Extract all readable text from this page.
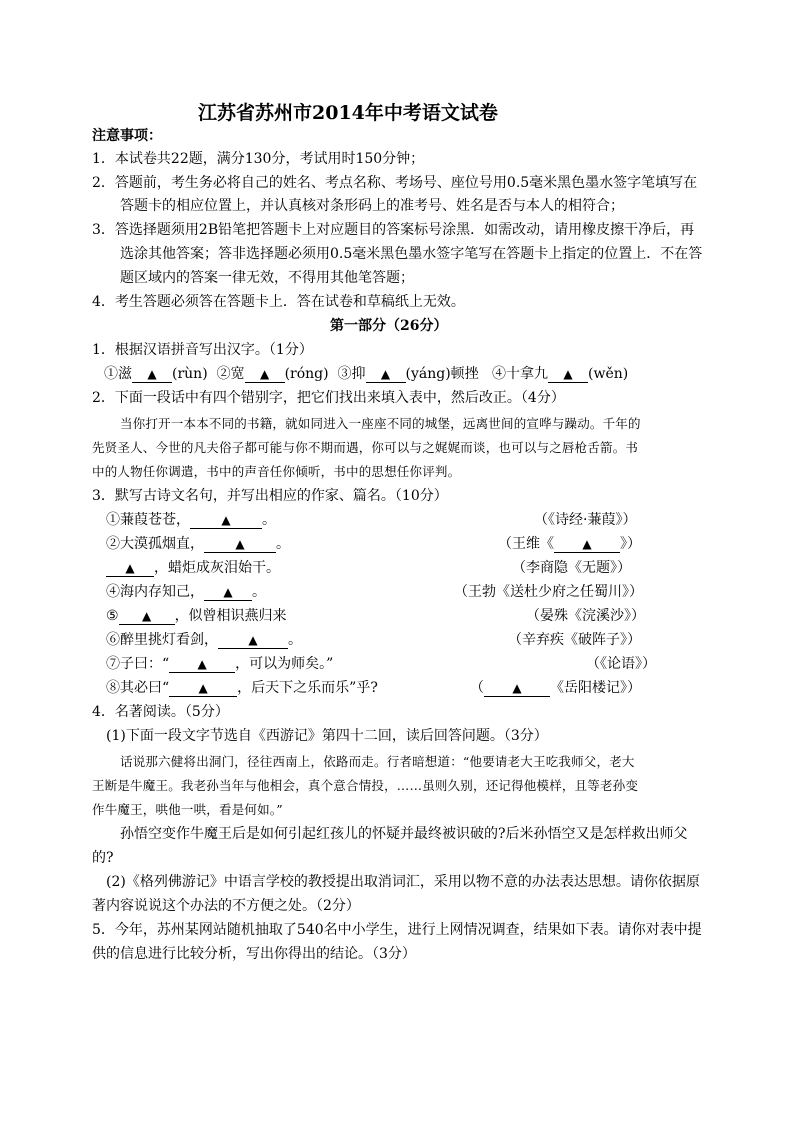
江苏省苏州市2014年中考语文试卷
注意事项：
1．本试卷共22题，满分130分，考试用时150分钟；
2．答题前，考生务必将自己的姓名、考点名称、考场号、座位号用0.5毫米黑色墨水签字笔填写在
答题卡的相应位置上，并认真核对条形码上的准考号、姓名是否与本人的相符合；
3．答选择题须用2B铅笔把答题卡上对应题目的答案标号涂黑．如需改动，请用橡皮擦干净后，再
选涂其他答案；答非选择题必须用0.5毫米黑色墨水签字笔写在答题卡上指定的位置上．不在答
题区域内的答案一律无效，不得用其他笔答题；
4．考生答题必须答在答题卡上．答在试卷和草稿纸上无效。
第一部分（26分）
1．根据汉语拼音写出汉字。（1分）
①滋 ▲ (rùn) ②宽 ▲ (róng) ③抑 ▲ (yáng)顿挫 ④十拿九 ▲ (wěn)
2．下面一段话中有四个错别字，把它们找出来填入表中，然后改正。（4分）
当你打开一本本不同的书籍，就如同进入一座座不同的城堡，远离世间的宣哗与躁动。千年的
先贤圣人、今世的凡夫俗子都可能与你不期而遇，你可以与之娓娓而谈，也可以与之唇枪舌箭。书
中的人物任你调遣，书中的声音任你倾听，书中的思想任你评判。
3．默写古诗文名句，并写出相应的作家、篇名。（10分）
①蒹葭苍苍，	▲ 。	（《诗经·蒹葭》）
②大漠孤烟直，	▲ 。	（王维《 ▲ 》）
▲ ，蜡炬成灰泪始干。	（李商隐《无题》）
④海内存知己， ▲ 。	（王勃《送杜少府之任蜀川》）
⑤ ▲ ，似曾相识燕归来	（晏殊《浣溪沙》）
⑥醉里挑灯看剑，	▲ 。	（辛弃疾《破阵子》）
⑦子曰：“ ▲ ，可以为师矣。”	（《论语》）
⑧其必曰“ ▲ ，后天下之乐而乐”乎?	（ ▲ 《岳阳楼记》）
4．名著阅读。（5分）
(1)下面一段文字节选自《西游记》第四十二回，读后回答问题。（3分）
话说那六健将出洞门，径往西南上，依路而走。行者暗想道：“他要请老大王吃我师父，老大
王断是牛魔王。我老孙当年与他相会，真个意合情投，……虽则久别，还记得他模样，且等老孙变
作牛魔王，哄他一哄，看是何如。”
孙悟空变作牛魔王后是如何引起红孩儿的怀疑并最终被识破的?后米孙悟空又是怎样救出师父
的?
(2)《格列佛游记》中语言学校的教授提出取消词汇，采用以物不意的办法表达思想。请你依据原
著内容说说这个办法的不方便之处。（2分）
5．今年，苏州某网站随机抽取了540名中小学生，进行上网情况调查，结果如下表。请你对表中提
供的信息进行比较分析，写出你得出的结论。（3分）
